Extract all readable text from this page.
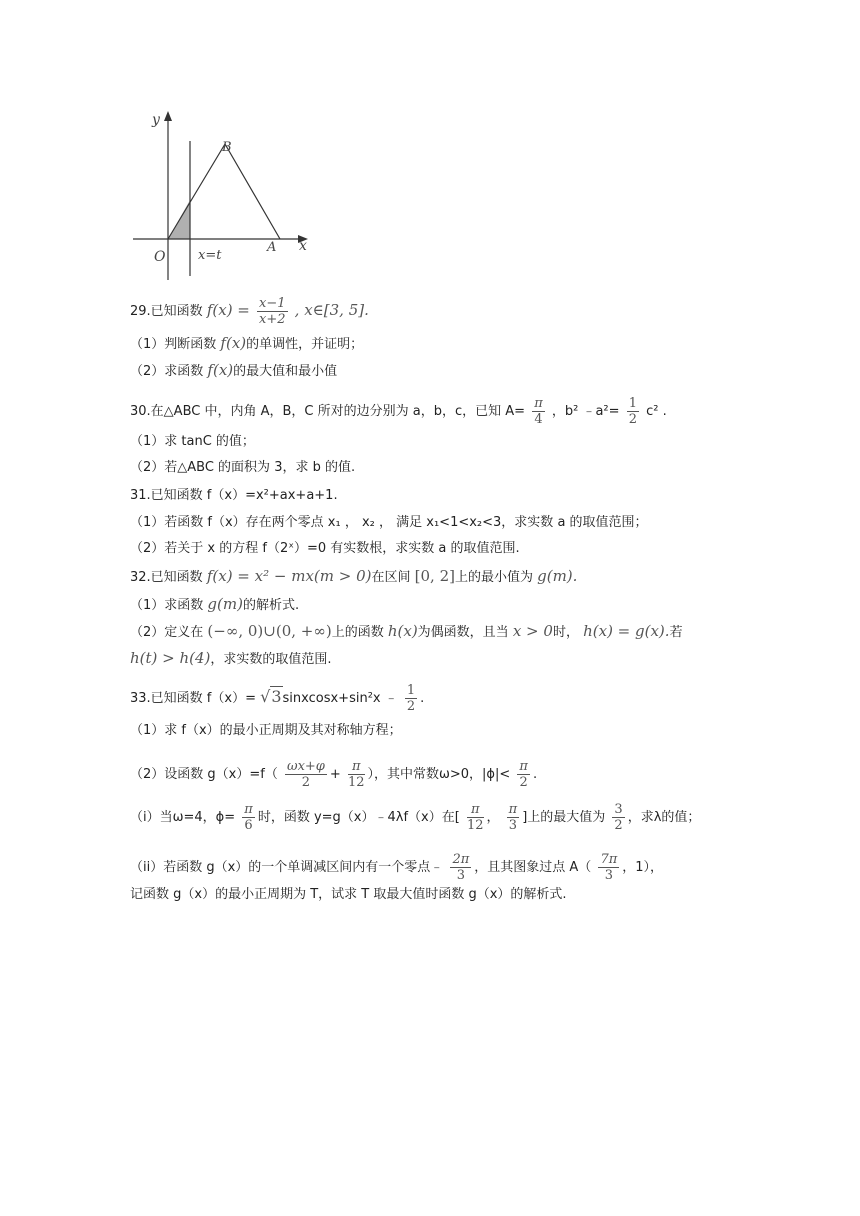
y
x
O
B
A
x=t
29.已知函数 $f(x) = \frac{x-1}{x+2}$ , x∈[3, 5].
（1）判断函数 f(x)的单调性，并证明；
（2）求函数 f(x)的最大值和最小值
30.在△ABC 中，内角 A，B，C 所对的边分别为 a，b，c，已知 $A= \frac{\pi}{4}$ ，b² ﹣a²= $\frac{1}{2} c^2$ .
（1）求 tanC 的值；
（2）若△ABC 的面积为 3，求 b 的值.
31.已知函数 f（x）=x²+ax+a+1.
（1）若函数 f（x）存在两个零点 x₁ ， x₂ ， 满足 x₁<1<x₂<3，求实数 a 的取值范围；
（2）若关于 x 的方程 f（2ˣ）=0 有实数根，求实数 a 的取值范围.
32.已知函数 f(x) = x² − mx(m > 0)在区间 [0, 2]上的最小值为 g(m).
（1）求函数 g(m)的解析式.
（2）定义在 (−∞, 0)∪(0, +∞)上的函数 h(x)为偶函数，且当 x > 0时， h(x) = g(x).若
h(t) > h(4)，求实数的取值范围.
33.已知函数 f（x）= √3sinxcosx+sin²x ﹣ $\frac{1}{2}$ .
（1）求 f（x）的最小正周期及其对称轴方程；
（2）设函数 $g(x)=f( \frac{\omega x+\varphi}{2} + \frac{\pi}{12}$ ），其中常数ω>0，$|\phi|< \frac{\pi}{2}$ .
（i）当ω=4，$\phi= \frac{\pi}{6}$ 时，函数 y=g（x）﹣4λf（x）在[ $\frac{\pi}{12}$ ， $\frac{\pi}{3}$ ]上的最大值为 $\frac{3}{2}$ ，求λ的值；
（ii）若函数 g（x）的一个单调减区间内有一个零点﹣ $\frac{2\pi}{3}$ ，且其图象过点 $A( \frac{7\pi}{3}$ ，1），
记函数 g（x）的最小正周期为 T，试求 T 取最大值时函数 g（x）的解析式.
